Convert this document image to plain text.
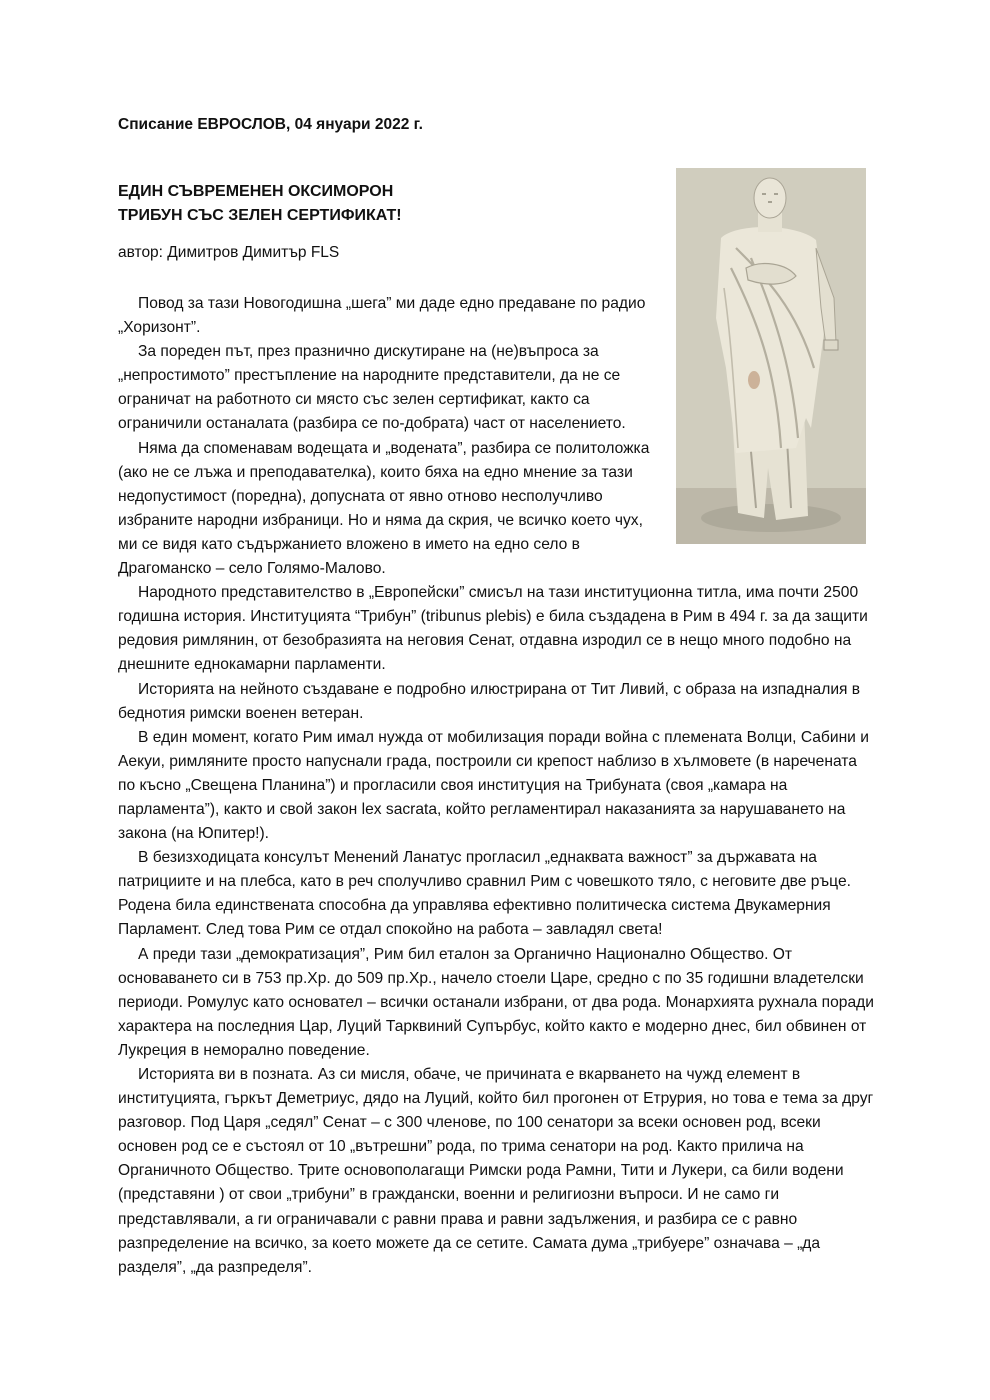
Списание ЕВРОСЛОВ, 04 януари 2022 г.
ЕДИН СЪВРЕМЕНЕН ОКСИМОРОН
ТРИБУН СЪС ЗЕЛЕН СЕРТИФИКАТ!
автор: Димитров Димитър FLS

Повод за тази Новогодишна „шега” ми даде едно предаване по радио „Хоризонт”.

За пореден път, през празнично дискутиране на (не)въпроса за „непростимото” престъпление на народните представители, да не се ограничат на работното си място със зелен сертификат, както са ограничили останалата (разбира се по-добрата) част от населението.

Няма да споменавам водещата и „водената”, разбира се политоложка (ако не се лъжа и преподавателка), които бяха на едно мнение за тази недопустимост (поредна), допусната от явно отново несполучливо избраните народни избраници. Но и няма да скрия, че всичко което чух, ми се видя като съдържанието вложено в името на едно село в Драгоманско – село Голямо-Малово.

Народното представителство в „Европейски” смисъл на тази институционна титла, има почти 2500 годишна история. Институцията “Трибун” (tribunus plebis) е била създадена в Рим в 494 г. за да защити редовия римлянин, от безобразията на неговия Сенат, отдавна изродил се в нещо много подобно на днешните еднокамарни парламенти.

Историята на нейното създаване е подробно илюстрирана от Тит Ливий, с образа на изпадналия в беднотия римски военен ветеран.

В един момент, когато Рим имал нужда от мобилизация поради война с племената Волци, Сабини и Аекуи, римляните просто напуснали града, построили си крепост наблизо в хълмовете (в наречената по късно „Свещена Планина”) и прогласили своя институция на Трибуната (своя „камара на парламента”), както и свой закон lex sacrata, който регламентирал наказанията за нарушаването на закона (на Юпитер!).

В безизходицата консулът Мeнений Ланатус прогласил „еднаквата важност” за държавата на патрициите и на плебса, като в реч сполучливо сравнил Рим с човешкото тяло, с неговите две ръце. Родена била единствената способна да управлява ефективно политическа система Двукамерния Парламент. След това Рим се отдал спокойно на работа – завладял света!

А преди тази „демократизация”, Рим бил еталон за Органично Национално Общество. От основаването си в 753 пр.Хр. до 509 пр.Хр., начело стоели Царе, средно с по 35 годишни владетелски периоди. Ромулус като основател – всички останали избрани, от два рода. Монархията рухнала поради характера на последния Цар, Луций Тарквиний Супърбус, който както е модерно днес, бил обвинен от Лукреция в неморално поведение.

Историята ви в позната. Аз си мисля, обаче, че причината е вкарването на чужд елемент в институцията, гъркът Деметриус, дядо на Луций, който бил прогонен от Етрурия, но това е тема за друг разговор. Под Царя „седял” Сенат – с 300 членове, по 100 сенатори за всеки основен род, всеки основен род се е състоял от 10 „вътрешни” рода, по трима сенатори на род. Както прилича на Органичното Общество. Трите основополагащи Римски рода Рамни, Тити и Лукери, са били водени (представяни ) от свои „трибуни” в граждански, военни и религиозни въпроси. И не само ги представлявали, а ги ограничавали с равни права и равни задължения, и разбира се с равно разпределение на всичко, за което можете да се сетите. Самата дума „трибуере” означава – „да разделя”, „да разпределя”.
